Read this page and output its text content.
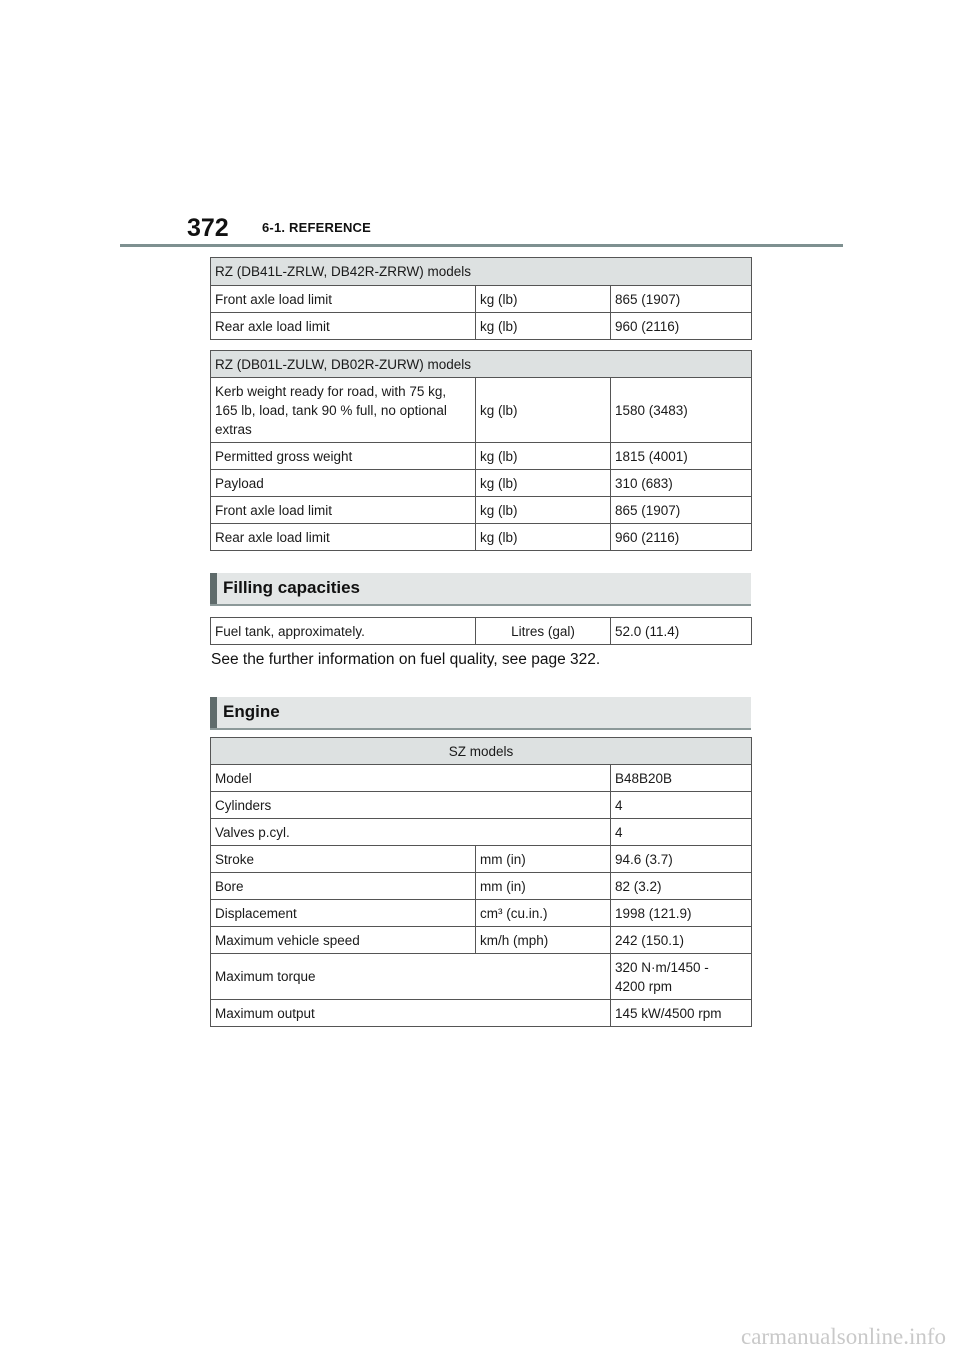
372	6-1. REFERENCE
RZ (DB41L-ZRLW, DB42R-ZRRW) models		
Front axle load limit	kg (lb)	865 (1907)
Rear axle load limit	kg (lb)	960 (2116)
RZ (DB01L-ZULW, DB02R-ZURW) models		

Kerb weight ready for road, with 75 kg,
165 lb, load, tank 90 % full, no optional
extras	kg (lb)	1580 (3483)
Permitted gross weight	kg (lb)	1815 (4001)
Payload	kg (lb)	310 (683)
Front axle load limit	kg (lb)	865 (1907)
Rear axle load limit	kg (lb)	960 (2116)
Filling capacities
Fuel tank, approximately.	Litres (gal)	52.0 (11.4)
See the further information on fuel quality, see page 322.
Engine
SZ models		
Model		B48B20B
Cylinders		4
Valves p.cyl.		4
Stroke	mm (in)	94.6 (3.7)
Bore	mm (in)	82 (3.2)
Displacement	cm³ (cu.in.)	1998 (121.9)
Maximum vehicle speed	km/h (mph)	242 (150.1)
Maximum torque		320 N·m/1450 -
4200 rpm

Maximum output		145 kW/4500 rpm
carmanualsonline.info
